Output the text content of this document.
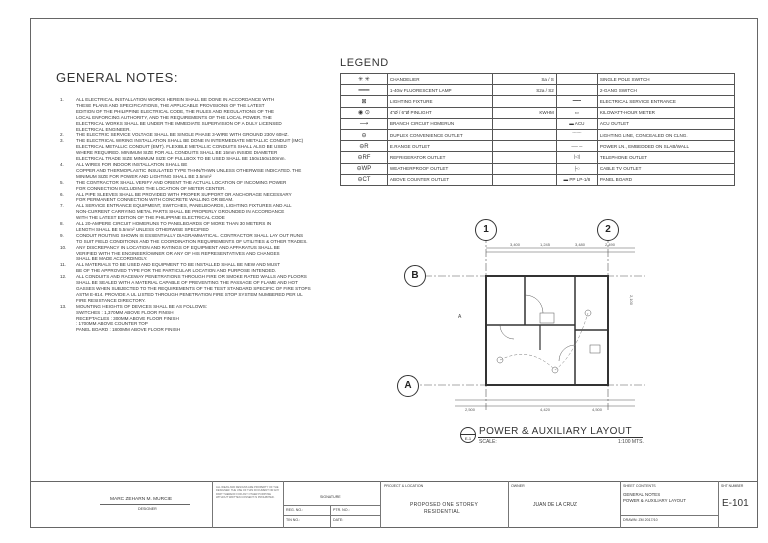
GENERAL NOTES:
1.	ALL ELECTRICAL INSTALLATION WORKS HEREIN SHALL BE DONE IN ACCORDANCE WITH
THESE PLANS AND SPECIFICATIONS, THE APPLICABLE PROVISIONS OF THE LATEST
EDITION OF THE PHILIPPINE ELECTRICAL CODE, THE RULES AND REGULATIONS OF THE
LOCAL ENFORCING AUTHORITY, AND THE REQUIREMENTS OF THE LOCAL POWER. THE
ELECTRICAL WORKS SHALL BE UNDER THE IMMEDIATE SUPERVISION OF A DULY LICENSED
ELECTRICAL ENGINEER.
2.	THE ELECTRIC SERVICE VOLTAGE SHALL BE SINGLE PHASE 3-WIRE WITH GROUND 230V 60HZ.
3.	THE ELECTRICAL WIRING INSTALLATION SHALL BE DONE IN INTERMEDIATE METALLIC CONDUIT (IMC)
ELECTRICAL METALLIC CONDUIT (EMT). FLEXIBLE METALLIC CONDUITS SHALL ALSO BE USED
WHERE REQUIRED. MINIMUM SIZE FOR ALL CONDUITS SHALL BE 15mm INSIDE DIAMETER
ELECTRICAL TRADE SIZE MINIMUM SIZE OF PULLBOX TO BE USED SHALL BE 150x150x100mm.
4.	ALL WIRES FOR INDOOR INSTALLATION SHALL BE
COPPER AND THERMOPLASTIC INSULATED TYPE THHN/THWN UNLESS OTHERWISE INDICATED. THE
MINIMUM SIZE FOR POWER AND LIGHTING SHALL BE 3.5mm²
5.	THE CONTRACTOR SHALL VERIFY AND ORIENT THE ACTUAL LOCATION OF INCOMING POWER
FOR CONNECTION INCLUDING THE LOCATION OF METER CENTER.
6.	ALL PIPE SLEEVES SHALL BE PROVIDED WITH PROPER SUPPORT OR ANCHORAGE NECESSARY
FOR PERMANENT CONNECTION WITH CONCRETE WALLING OR BEAM.
7.	ALL SERVICE ENTRANCE EQUIPMENT, SWITCHES, PANELBOARDS, LIGHTING FIXTURES AND ALL
NON-CURRENT CARRYING METAL PARTS SHALL BE PROPERLY GROUNDED IN ACCORDANCE
WITH THE LATEST EDITION OF THE PHILIPPINE ELECTRICAL CODE
8.	ALL 20-AMPERE CIRCUIT HOMERUNS TO PANELBOARDS OF MORE THAN 30 METERS IN
LENGTH SHALL BE 5.5mm² UNLESS OTHERWISE SPECIFIED
9.	CONDUIT ROUTING SHOWN IS ESSENTIALLY DIAGRAMMATICAL. CONTRACTOR SHALL LAY OUT RUNS
TO SUIT FIELD CONDITIONS AND THE COORDINATION REQUIREMENTS OF UTILITIES & OTHER TRADES.
10.	ANY DISCREPANCY IN LOCATION AND RATINGS OF EQUIPMENT AND APPARATUS SHALL BE
VERIFIED WITH THE ENGINEER/OWNER OR ANY OF HIS REPRESENTATIVES AND CHANGES
SHALL BE MADE ACCORDINGLY.
11.	ALL MATERIALS TO BE USED AND EQUIPMENT TO BE INSTALLED SHALL BE NEW AND MUST
BE OF THE APPROVED TYPE FOR THE PARTICULAR LOCATION AND PURPOSE INTENDED.
12.	ALL CONDUITS AND RACEWAY PENETRATIONS THROUGH FIRE OR SMOKE RATED WALLS AND FLOORS
SHALL BE SEALED WITH A MATERIAL CAPABLE OF PREVENTING THE PASSAGE OF FLAME AND HOT
GASSES WHEN SUBJECTED TO THE REQUIREMENTS OF THE TEST STANDARD SPECIFIC OF FIRE STOPS
ASTM E-814. PROVIDE A UL LISTED THROUGH PENETRATION FIRE STOP SYSTEM NUMBERED PER UL
FIRE RESISTANCE DIRECTORY.
13.	MOUNTING HEIGHTS OF DEVICES SHALL BE AS FOLLOWS:
SWITCHES : 1,370MM ABOVE FLOOR FINISH
RECEPTACLES : 300MM ABOVE FLOOR FINISH
: 1700MM ABOVE COUNTER TOP
PANEL BOARD : 1800MM ABOVE FLOOR FINISH
LEGEND
✳ ✳	CHANDELIER	Sa / S		SINGLE POLE SWITCH
━━━	1-40w FLUORESCENT LAMP	S2a / S2		2-GANG SWITCH
⊠	LIGHTING FIXTURE		━━━	ELECTRICAL SERVICE ENTRANCE
◉ ⊙	4"Ø / 6"Ø PINLIGHT	KWHM	▭	KILOWATT-HOUR METER
⟶	BRANCH CIRCUIT HOMERUN		▬ ACU	ACU OUTLET
⊖	DUPLEX CONVENIENCE OUTLET		⌒⌒	LIGHTING LINE, CONCEALED ON CLNG.
⊖R	E.RANGE OUTLET		── ─	POWER LN., EMBEDDED ON SLAB/WALL
⊖RF	REFRIGERATOR OUTLET		|◁|	TELEPHONE OUTLET
⊖WP	WEATHERPROOF OUTLET		├○	CABLE TV OUTLET
⊖CT	ABOVE COUNTER OUTLET		▬ PP LP-1/8	PANEL BOARD
3,400	1,245	3,480	2,490
2,500	4,420	4,500
2,100
A
1	2
B
A
E-1
POWER & AUXILIARY LAYOUT
SCALE:	1:100 MTS.
MARC ZEHARN M. MURCIE
DESIGNER
ALL IDEAS AND DESIGNS ARE PROPERTY OF THE DESIGNER. THE USE OF THIS DOCUMENT OR ANY PART THEREOF FOR ANY OTHER PURPOSE WITHOUT WRITTEN CONSENT IS PROHIBITED.	SIGNATURE
REG. NO.:	PTR. NO.:
TIN NO.:	DATE:
PROJECT & LOCATION
PROPOSED ONE STOREY
RESIDENTIAL
OWNER
JUAN DE LA CRUZ
SHEET CONTENTS
GENERAL NOTES
POWER & AUXILIARY LAYOUT
DRAWN: ZM 2017/10
SHT NUMBER
E-101
